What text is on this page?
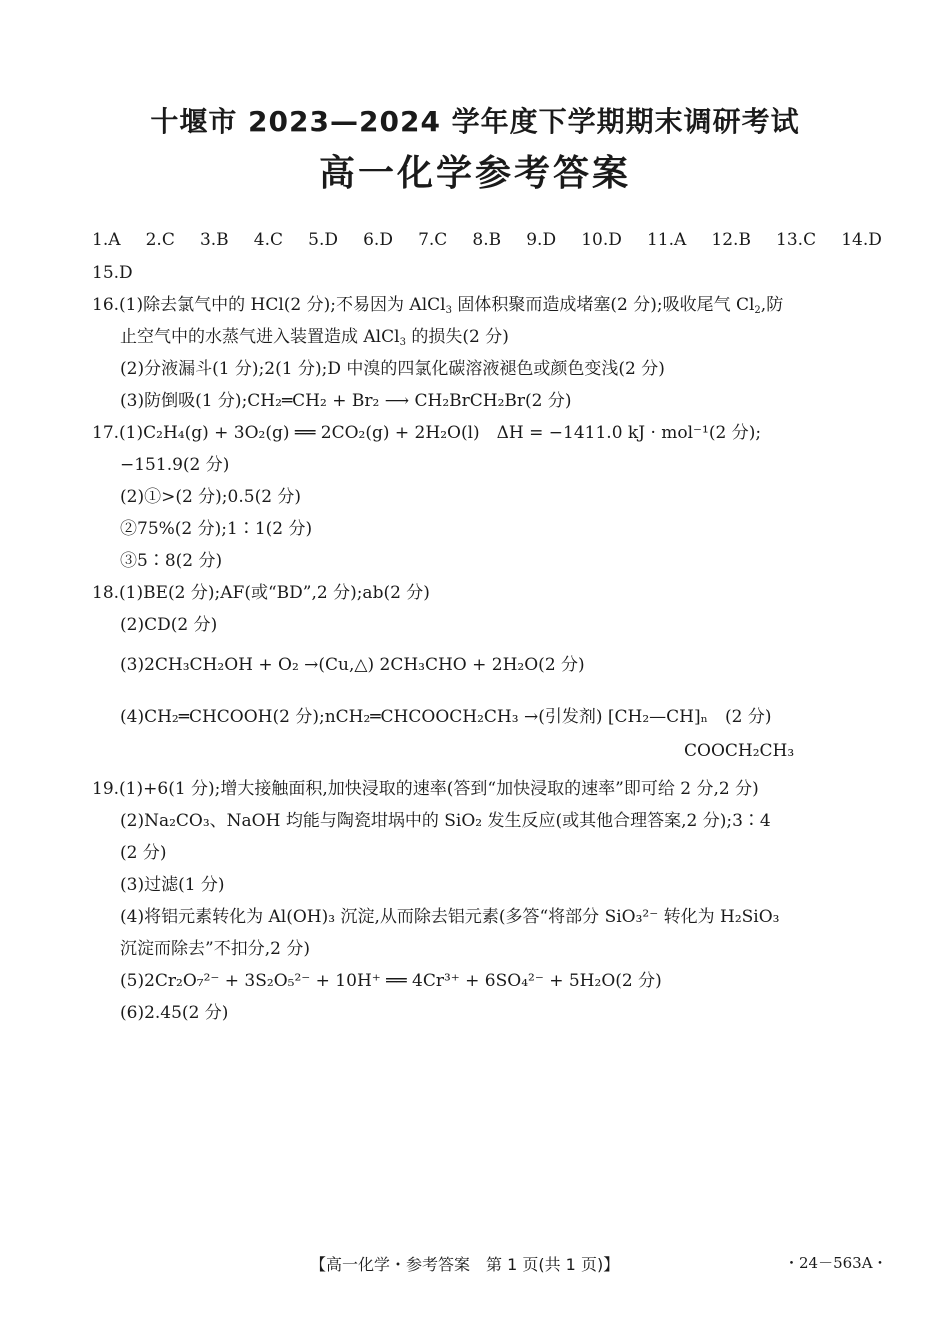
十堰市 2023—2024 学年度下学期期末调研考试
高一化学参考答案
1.A 2.C 3.B 4.C 5.D 6.D 7.C 8.B 9.D 10.D 11.A 12.B 13.C 14.D
15.D
16.(1)除去氯气中的 HCl(2 分);不易因为 AlCl$_3$ 固体积聚而造成堵塞(2 分);吸收尾气 $Cl_2$,防
止空气中的水蒸气进入装置造成 AlCl$_3$ 的损失(2 分)
(2)分液漏斗(1 分);2(1 分);D 中溴的四氯化碳溶液褪色或颜色变浅(2 分)
(3)防倒吸(1 分);CH₂═CH₂ + Br₂ ⟶ CH₂BrCH₂Br(2 分)
17.(1)C₂H₄(g) + 3O₂(g) ══ 2CO₂(g) + 2H₂O(l)　ΔH = −1411.0 kJ · mol⁻¹(2 分);
−151.9(2 分)
(2)①>(2 分);0.5(2 分)
②75%(2 分);1∶1(2 分)
③5∶8(2 分)
18.(1)BE(2 分);AF(或“BD”,2 分);ab(2 分)
(2)CD(2 分)
(3)2CH₃CH₂OH + O₂ →(Cu,△) 2CH₃CHO + 2H₂O(2 分)
(4)CH₂═CHCOOH(2 分);nCH₂═CHCOOCH₂CH₃ →(引发剂) [CH₂—CH]ₙ　(2 分)
COOCH₂CH₃
19.(1)+6(1 分);增大接触面积,加快浸取的速率(答到“加快浸取的速率”即可给 2 分,2 分)
(2)Na₂CO₃、NaOH 均能与陶瓷坩埚中的 SiO₂ 发生反应(或其他合理答案,2 分);3∶4
(2 分)
(3)过滤(1 分)
(4)将铝元素转化为 Al(OH)₃ 沉淀,从而除去铝元素(多答“将部分 SiO₃²⁻ 转化为 H₂SiO₃
沉淀而除去”不扣分,2 分)
(5)2Cr₂O₇²⁻ + 3S₂O₅²⁻ + 10H⁺ ══ 4Cr³⁺ + 6SO₄²⁻ + 5H₂O(2 分)
(6)2.45(2 分)
【高一化学・参考答案　第 1 页(共 1 页)】	・24－563A・
